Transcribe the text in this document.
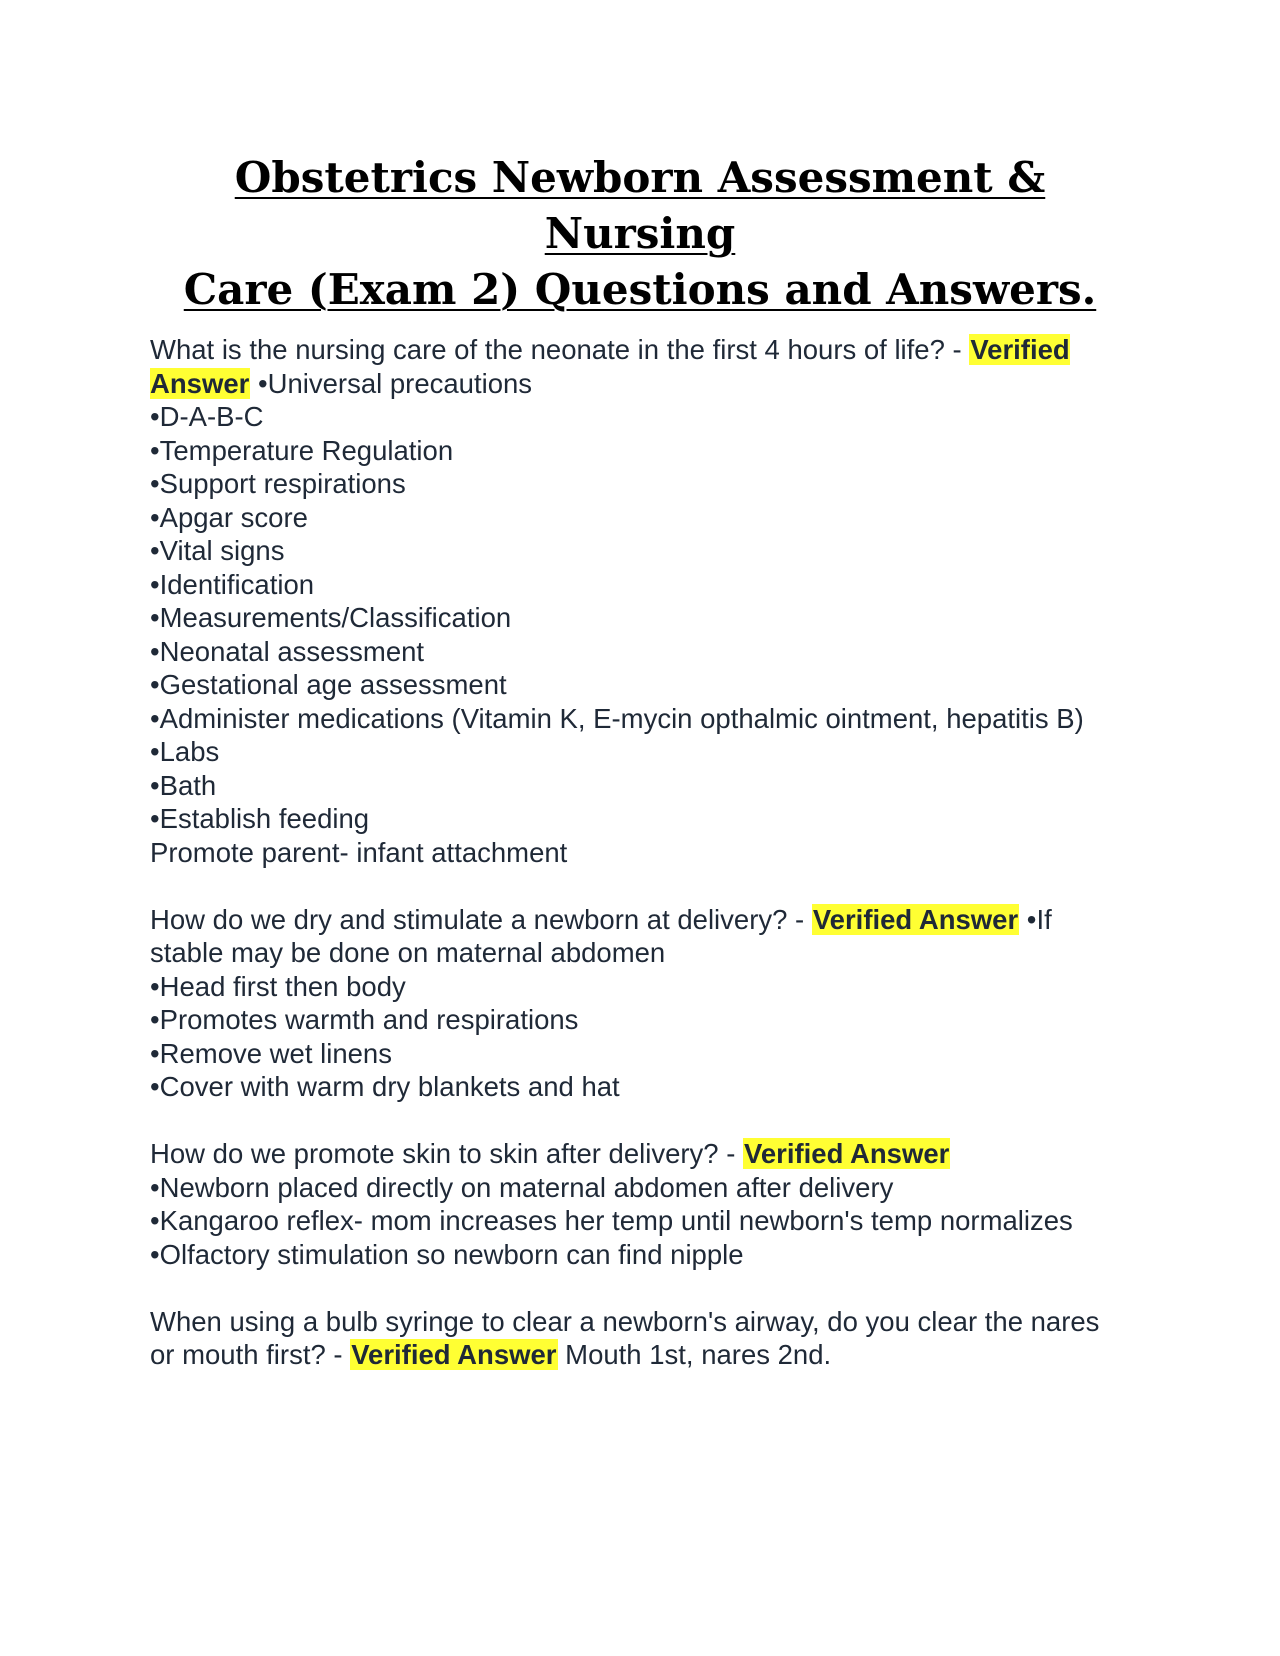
Obstetrics Newborn Assessment & Nursing
Care (Exam 2) Questions and Answers.
What is the nursing care of the neonate in the first 4 hours of life? - Verified Answer •Universal precautions
•D-A-B-C
•Temperature Regulation
•Support respirations
•Apgar score
•Vital signs
•Identification
•Measurements/Classification
•Neonatal assessment
•Gestational age assessment
•Administer medications (Vitamin K, E-mycin opthalmic ointment, hepatitis B)
•Labs
•Bath
•Establish feeding
Promote parent- infant attachment
How do we dry and stimulate a newborn at delivery? - Verified Answer •If stable may be done on maternal abdomen
•Head first then body
•Promotes warmth and respirations
•Remove wet linens
•Cover with warm dry blankets and hat
How do we promote skin to skin after delivery? - Verified Answer
•Newborn placed directly on maternal abdomen after delivery
•Kangaroo reflex- mom increases her temp until newborn's temp normalizes
•Olfactory stimulation so newborn can find nipple
When using a bulb syringe to clear a newborn's airway, do you clear the nares or mouth first? - Verified Answer Mouth 1st, nares 2nd.
